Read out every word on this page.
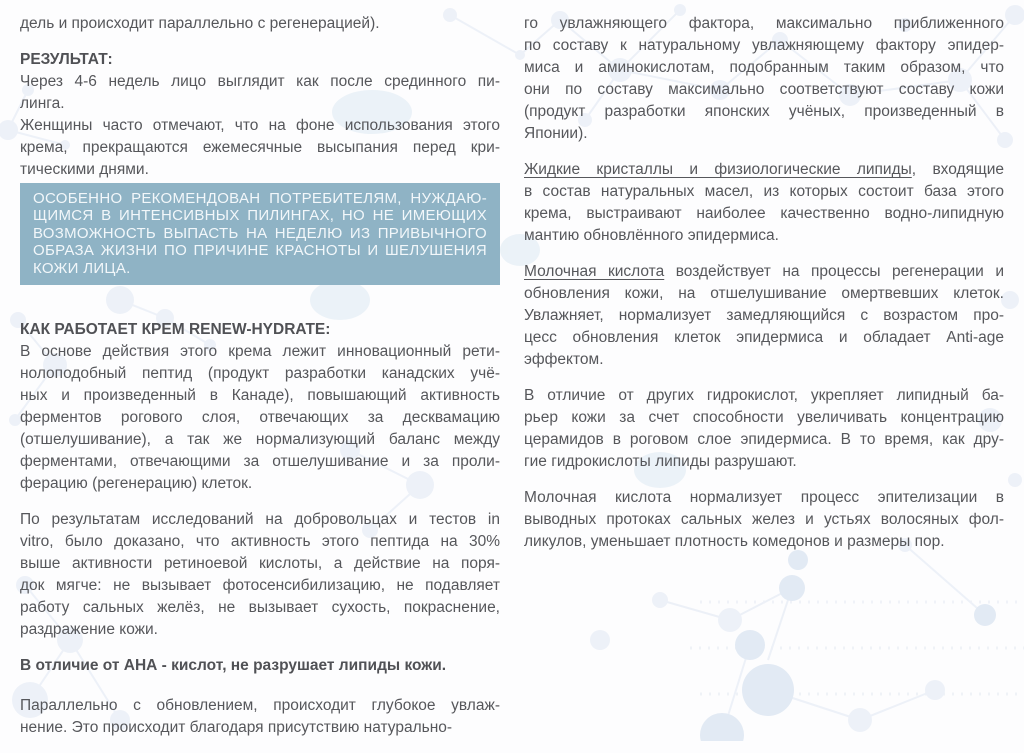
дель и происходит параллельно с регенерацией).
РЕЗУЛЬТАТ:
Через 4-6 недель лицо выглядит как после срединного пи-
линга.
Женщины часто отмечают, что на фоне использования этого
крема, прекращаются ежемесячные высыпания перед кри-
тическими днями.
ОСОБЕННО РЕКОМЕНДОВАН ПОТРЕБИТЕЛЯМ, НУЖДАЮ-
ЩИМСЯ В ИНТЕНСИВНЫХ ПИЛИНГАХ, НО НЕ ИМЕЮЩИХ
ВОЗМОЖНОСТЬ ВЫПАСТЬ НА НЕДЕЛЮ ИЗ ПРИВЫЧНОГО
ОБРАЗА ЖИЗНИ ПО ПРИЧИНЕ КРАСНОТЫ И ШЕЛУШЕНИЯ
КОЖИ ЛИЦА.
КАК РАБОТАЕТ КРЕМ RENEW-HYDRATE:
В основе действия этого крема лежит инновационный рети-
нолоподобный пептид (продукт разработки канадских учё-
ных и произведенный в Канаде), повышающий активность
ферментов рогового слоя, отвечающих за десквамацию
(отшелушивание), а так же нормализующий баланс между
ферментами, отвечающими за отшелушивание и за проли-
ферацию (регенерацию) клеток.
По результатам исследований на добровольцах и тестов in
vitro, было доказано, что активность этого пептида на 30%
выше активности ретиноевой кислоты, а действие на поря-
док мягче: не вызывает фотосенсибилизацию, не подавляет
работу сальных желёз, не вызывает сухость, покраснение,
раздражение кожи.
В отличие от АНА - кислот, не разрушает липиды кожи.
Параллельно с обновлением, происходит глубокое увлаж-
нение. Это происходит благодаря присутствию натурально-
го увлажняющего фактора, максимально приближенного
по составу к натуральному увлажняющему фактору эпидер-
миса и аминокислотам, подобранным таким образом, что
они по составу максимально соответствуют составу кожи
(продукт разработки японских учёных, произведенный в
Японии).
Жидкие кристаллы и физиологические липиды, входящие
в состав натуральных масел, из которых состоит база этого
крема, выстраивают наиболее качественно водно-липидную
мантию обновлённого эпидермиса.
Молочная кислота воздействует на процессы регенерации и
обновления кожи, на отшелушивание омертвевших клеток.
Увлажняет, нормализует замедляющийся с возрастом про-
цесс обновления клеток эпидермиса и обладает Anti-age
эффектом.
В отличие от других гидрокислот, укрепляет липидный ба-
рьер кожи за счет способности увеличивать концентрацию
церамидов в роговом слое эпидермиса. В то время, как дру-
гие гидрокислоты липиды разрушают.
Молочная кислота нормализует процесс эпителизации в
выводных протоках сальных желез и устьях волосяных фол-
ликулов, уменьшает плотность комедонов и размеры пор.
